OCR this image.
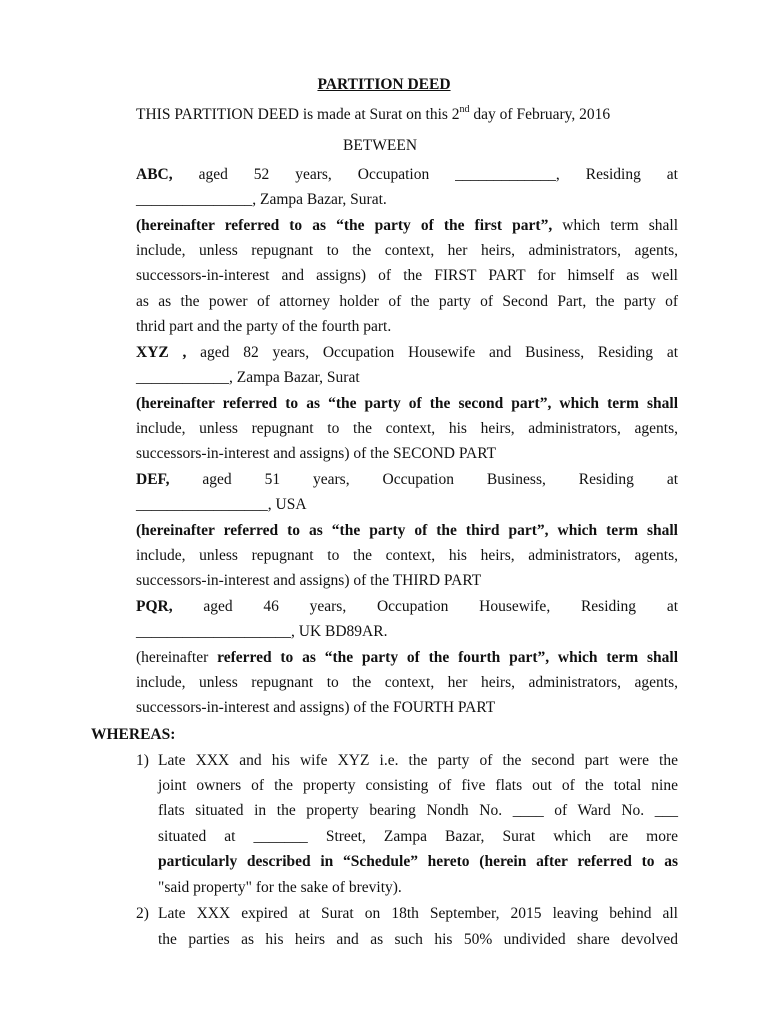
PARTITION DEED
THIS PARTITION DEED is made at Surat on this 2nd day of February, 2016
BETWEEN
ABC, aged 52 years, Occupation _____________, Residing at
_______________, Zampa Bazar, Surat.
(hereinafter referred to as “the party of the first part”, which term shall
include, unless repugnant to the context, her heirs, administrators, agents,
successors-in-interest and assigns) of the FIRST PART for himself as well
as as the power of attorney holder of the party of Second Part, the party of
thrid part and the party of the fourth part.
XYZ , aged 82 years, Occupation Housewife and Business, Residing at
____________, Zampa Bazar, Surat
(hereinafter referred to as “the party of the second part”, which term shall
include, unless repugnant to the context, his heirs, administrators, agents,
successors-in-interest and assigns) of the SECOND PART
DEF, aged 51 years, Occupation Business, Residing at
_________________, USA
(hereinafter referred to as “the party of the third part”, which term shall
include, unless repugnant to the context, his heirs, administrators, agents,
successors-in-interest and assigns) of the THIRD PART
PQR, aged 46 years, Occupation Housewife, Residing at
____________________, UK BD89AR.
(hereinafter referred to as “the party of the fourth part”, which term shall
include, unless repugnant to the context, her heirs, administrators, agents,
successors-in-interest and assigns) of the FOURTH PART
WHEREAS:
1) Late XXX and his wife XYZ i.e. the party of the second part were the
joint owners of the property consisting of five flats out of the total nine
flats situated in the property bearing Nondh No. ____ of Ward No. ___
situated at _______ Street, Zampa Bazar, Surat which are more
particularly described in “Schedule” hereto (herein after referred to as
"said property" for the sake of brevity).
2) Late XXX expired at Surat on 18th September, 2015 leaving behind all
the parties as his heirs and as such his 50% undivided share devolved
